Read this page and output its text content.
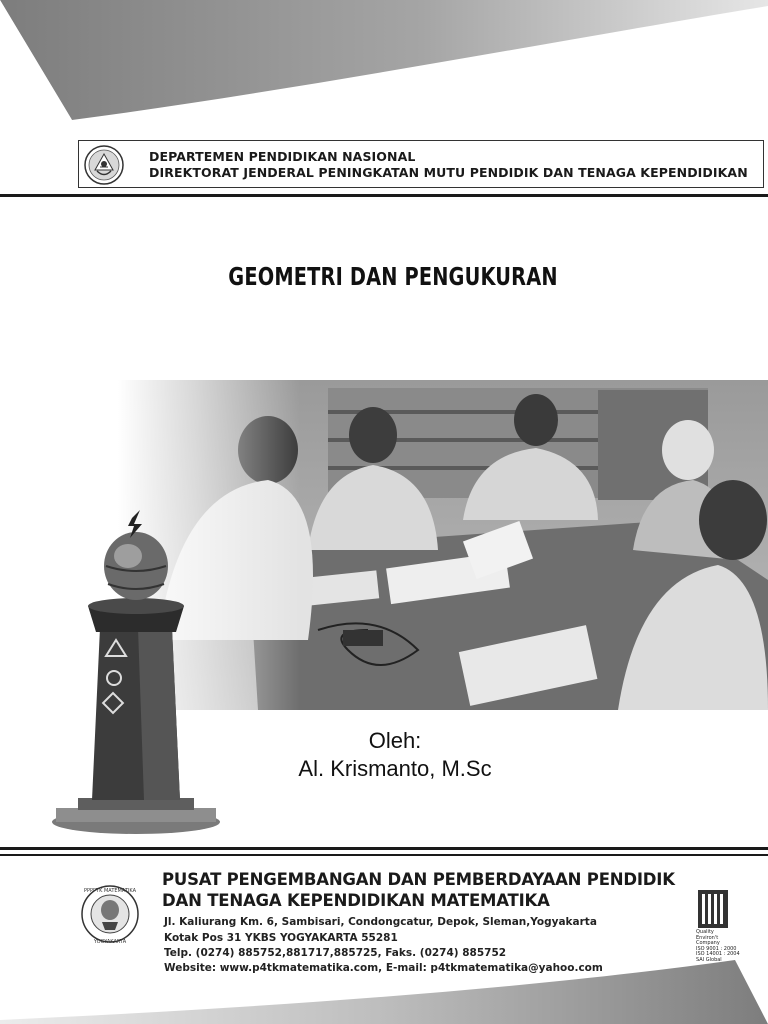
DEPARTEMEN PENDIDIKAN NASIONAL
DIREKTORAT JENDERAL PENINGKATAN MUTU PENDIDIK DAN TENAGA KEPENDIDIKAN
GEOMETRI DAN PENGUKURAN
Oleh:
Al. Krismanto, M.Sc
PPPPTK MATEMATIKA
YOGYAKARTA
PUSAT PENGEMBANGAN DAN PEMBERDAYAAN PENDIDIK
DAN TENAGA KEPENDIDIKAN MATEMATIKA
Jl. Kaliurang Km. 6, Sambisari, Condongcatur, Depok, Sleman,Yogyakarta
Kotak Pos 31 YKBS YOGYAKARTA 55281
Telp. (0274) 885752,881717,885725, Faks. (0274) 885752
Website: www.p4tkmatematika.com, E-mail: p4tkmatematika@yahoo.com
Quality
Environ't
Company
ISO 9001 : 2000
ISO 14001 : 2004
SAI Global
